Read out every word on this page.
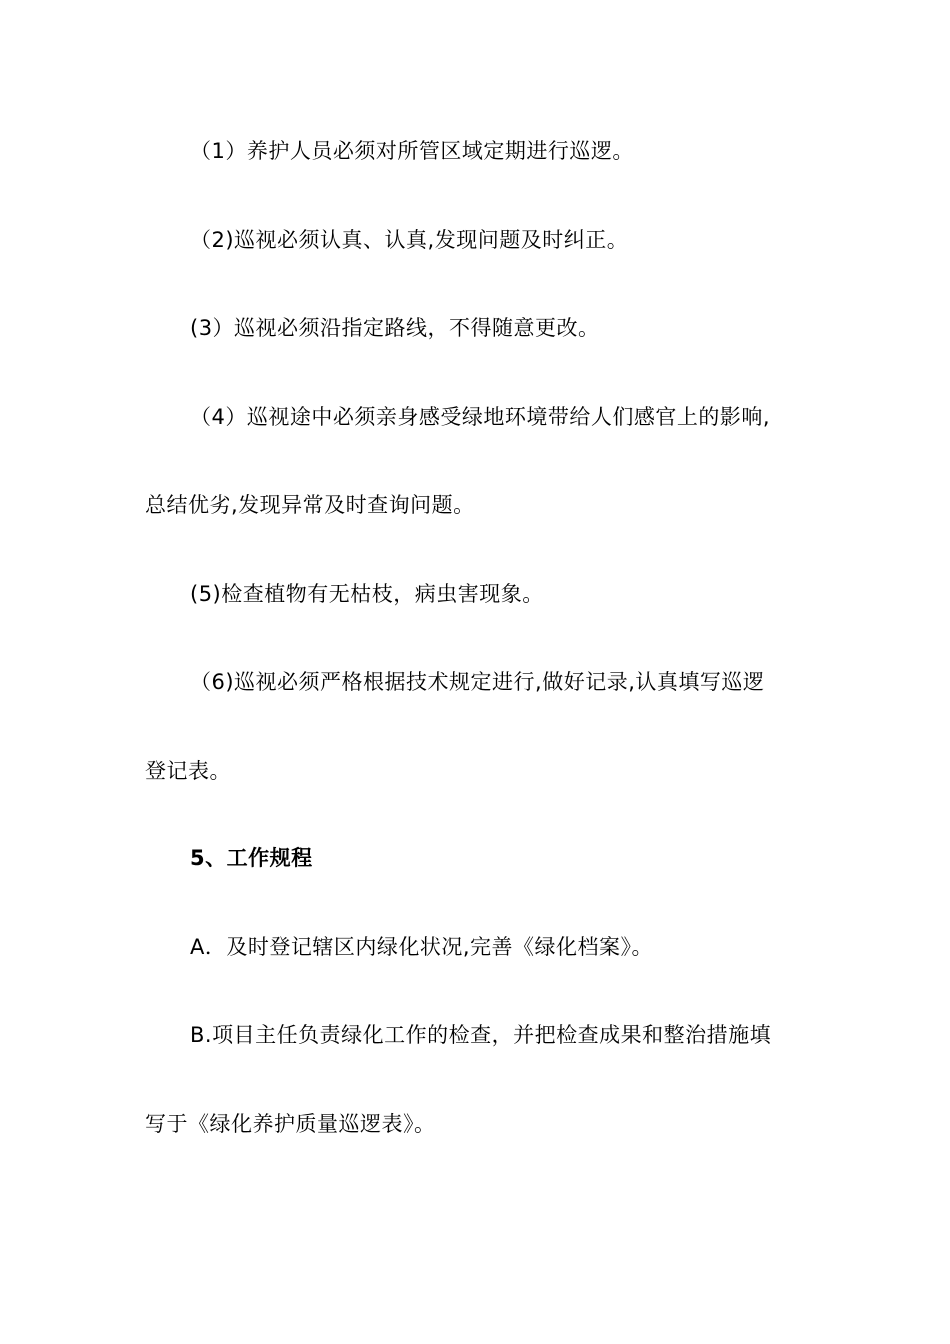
（1）养护人员必须对所管区域定期进行巡逻。
（2)巡视必须认真、认真,发现问题及时纠正。
(3）巡视必须沿指定路线，不得随意更改。
（4）巡视途中必须亲身感受绿地环境带给人们感官上的影响,
总结优劣,发现异常及时查询问题。
(5)检查植物有无枯枝，病虫害现象。
（6)巡视必须严格根据技术规定进行,做好记录,认真填写巡逻
登记表。
5、工作规程
A．及时登记辖区内绿化状况,完善《绿化档案》。
B.项目主任负责绿化工作的检查，并把检查成果和整治措施填
写于《绿化养护质量巡逻表》。
